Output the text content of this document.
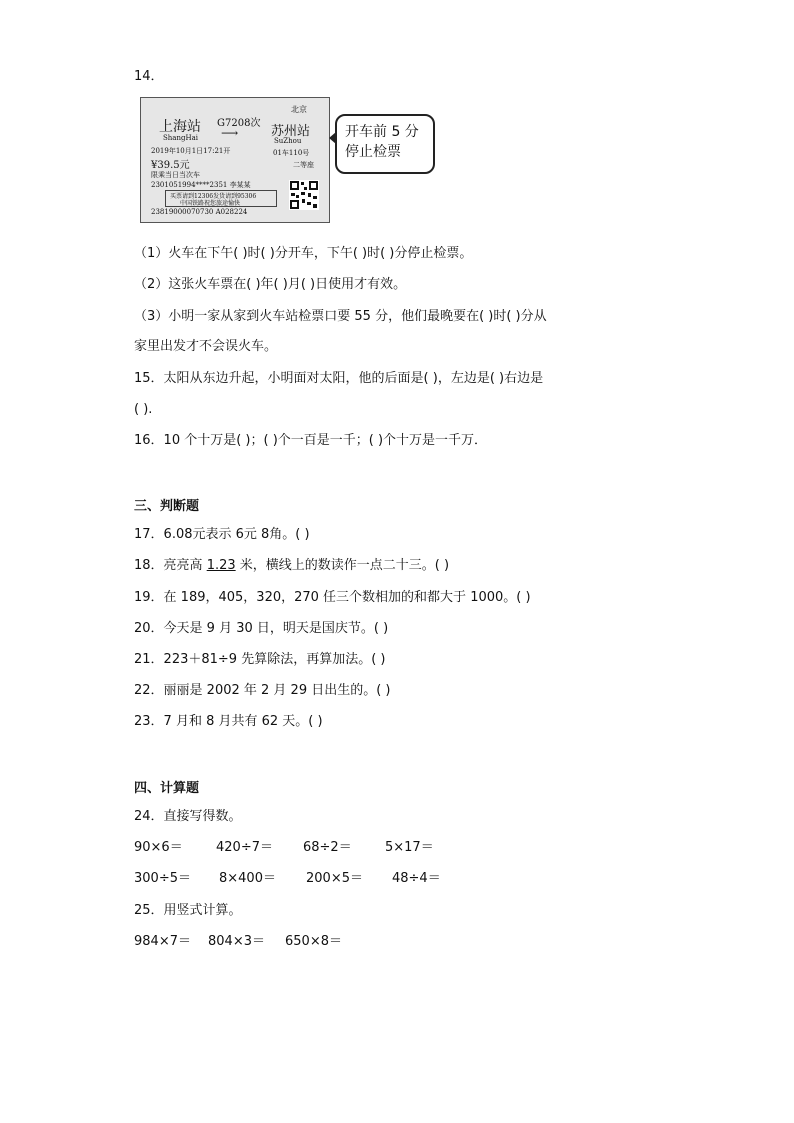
14．
上海站
ShangHai
G7208次
⟶
北京
苏州站
SuZhou
2019年10月1日17:21开	01车110号
¥39.5元	二等座
限乘当日当次车
2301051994****2351 李某某
买票请到12306发货请到95306
中国铁路祝您旅途愉快
23819000070730 A028224
开车前 5 分
停止检票
（1）火车在下午( )时( )分开车，下午( )时( )分停止检票。
（2）这张火车票在( )年( )月( )日使用才有效。
（3）小明一家从家到火车站检票口要 55 分，他们最晚要在( )时( )分从
家里出发才不会误火车。
15．太阳从东边升起，小明面对太阳，他的后面是( )，左边是( )右边是
( ).
16．10 个十万是( )；( )个一百是一千；( )个十万是一千万．
三、判断题
17．6.08元表示 6元 8角。( )
18．亮亮高 1.23 米，横线上的数读作一点二十三。( )
19．在 189，405，320，270 任三个数相加的和都大于 1000。( )
20．今天是 9 月 30 日，明天是国庆节。( )
21．223＋81÷9 先算除法，再算加法。( )
22．丽丽是 2002 年 2 月 29 日出生的。( )
23．7 月和 8 月共有 62 天。( )
四、计算题
24．直接写得数。
90×6＝	420÷7＝ 68÷2＝	5×17＝
300÷5＝ 8×400＝ 200×5＝ 48÷4＝
25．用竖式计算。
984×7＝ 804×3＝ 650×8＝
